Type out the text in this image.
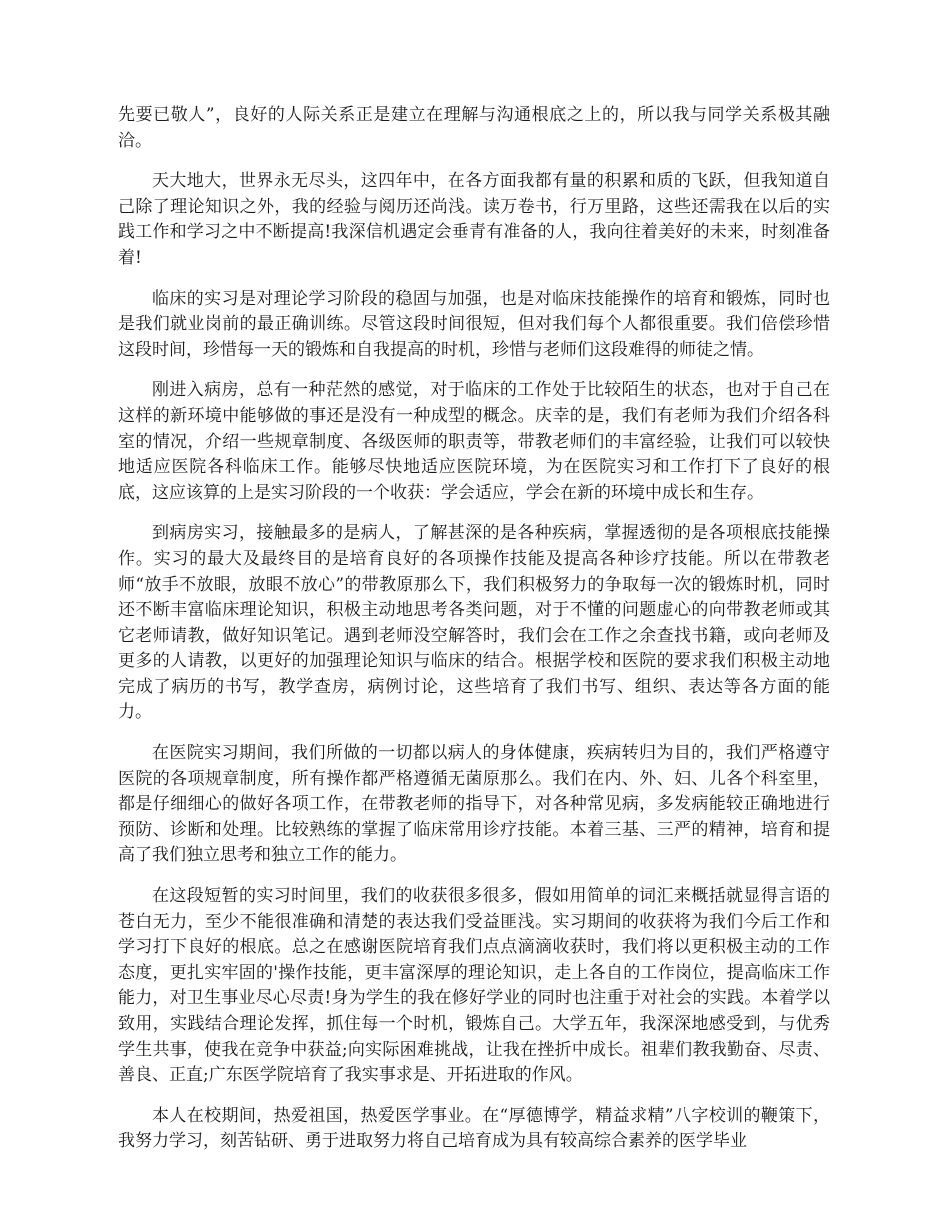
先要已敬人”，良好的人际关系正是建立在理解与沟通根底之上的，所以我与同学关系极其融洽。

天大地大，世界永无尽头，这四年中，在各方面我都有量的积累和质的飞跃，但我知道自己除了理论知识之外，我的经验与阅历还尚浅。读万卷书，行万里路，这些还需我在以后的实践工作和学习之中不断提高!我深信机遇定会垂青有准备的人，我向往着美好的未来，时刻准备着!

临床的实习是对理论学习阶段的稳固与加强，也是对临床技能操作的培育和锻炼，同时也是我们就业岗前的最正确训练。尽管这段时间很短，但对我们每个人都很重要。我们倍偿珍惜这段时间，珍惜每一天的锻炼和自我提高的时机，珍惜与老师们这段难得的师徒之情。

刚进入病房，总有一种茫然的感觉，对于临床的工作处于比较陌生的状态，也对于自己在这样的新环境中能够做的事还是没有一种成型的概念。庆幸的是，我们有老师为我们介绍各科室的情况，介绍一些规章制度、各级医师的职责等，带教老师们的丰富经验，让我们可以较快地适应医院各科临床工作。能够尽快地适应医院环境，为在医院实习和工作打下了良好的根底，这应该算的上是实习阶段的一个收获：学会适应，学会在新的环境中成长和生存。

到病房实习，接触最多的是病人，了解甚深的是各种疾病，掌握透彻的是各项根底技能操作。实习的最大及最终目的是培育良好的各项操作技能及提高各种诊疗技能。所以在带教老师“放手不放眼，放眼不放心”的带教原那么下，我们积极努力的争取每一次的锻炼时机，同时还不断丰富临床理论知识，积极主动地思考各类问题，对于不懂的问题虚心的向带教老师或其它老师请教，做好知识笔记。遇到老师没空解答时，我们会在工作之余查找书籍，或向老师及更多的人请教，以更好的加强理论知识与临床的结合。根据学校和医院的要求我们积极主动地完成了病历的书写，教学查房，病例讨论，这些培育了我们书写、组织、表达等各方面的能力。

在医院实习期间，我们所做的一切都以病人的身体健康，疾病转归为目的，我们严格遵守医院的各项规章制度，所有操作都严格遵循无菌原那么。我们在内、外、妇、儿各个科室里，都是仔细细心的做好各项工作，在带教老师的指导下，对各种常见病，多发病能较正确地进行预防、诊断和处理。比较熟练的掌握了临床常用诊疗技能。本着三基、三严的精神，培育和提高了我们独立思考和独立工作的能力。

在这段短暂的实习时间里，我们的收获很多很多，假如用简单的词汇来概括就显得言语的苍白无力，至少不能很准确和清楚的表达我们受益匪浅。实习期间的收获将为我们今后工作和学习打下良好的根底。总之在感谢医院培育我们点点滴滴收获时，我们将以更积极主动的工作态度，更扎实牢固的'操作技能，更丰富深厚的理论知识，走上各自的工作岗位，提高临床工作能力，对卫生事业尽心尽责!身为学生的我在修好学业的同时也注重于对社会的实践。本着学以致用，实践结合理论发挥，抓住每一个时机，锻炼自己。大学五年，我深深地感受到，与优秀学生共事，使我在竞争中获益;向实际困难挑战，让我在挫折中成长。祖辈们教我勤奋、尽责、善良、正直;广东医学院培育了我实事求是、开拓进取的作风。

本人在校期间，热爱祖国，热爱医学事业。在“厚德博学，精益求精”八字校训的鞭策下，我努力学习，刻苦钻研、勇于进取努力将自己培育成为具有较高综合素养的医学毕业
